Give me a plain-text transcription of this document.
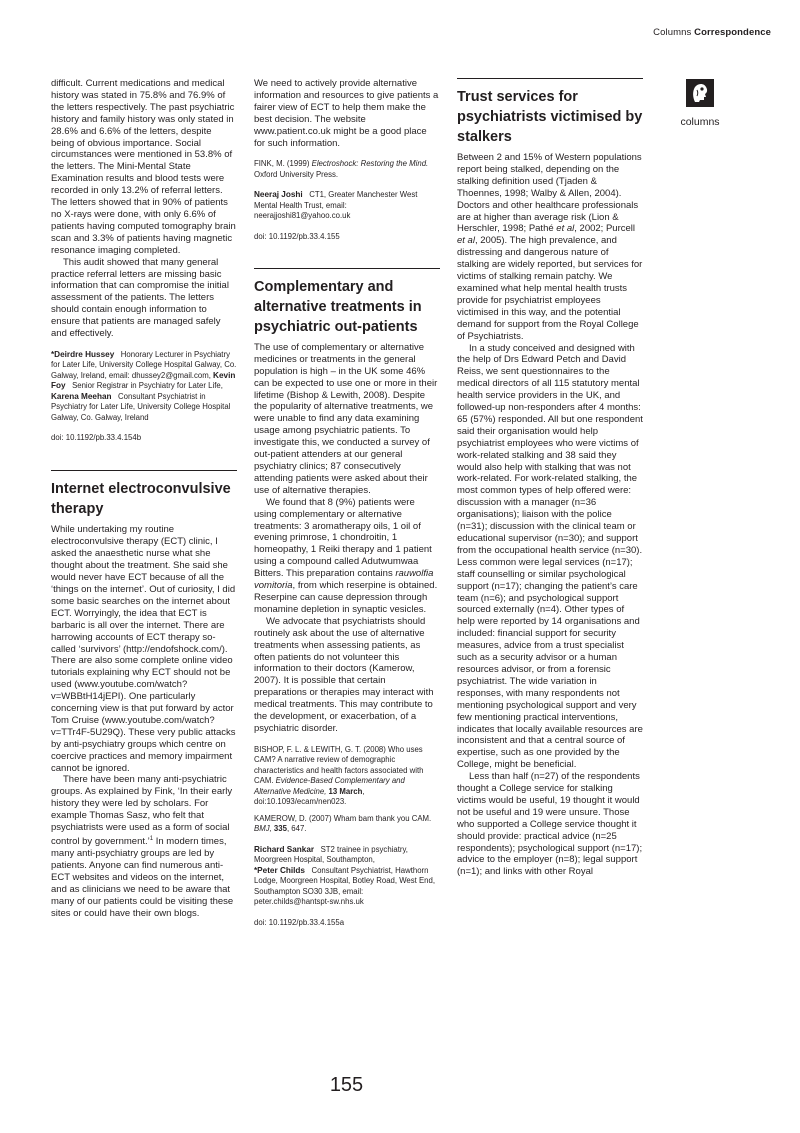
Columns Correspondence

difficult. Current medications and medical history was stated in 75.8% and 76.9% of the letters respectively. The past psychiatric history and family history was only stated in 28.6% and 6.6% of the letters, despite being of obvious importance. Social circumstances were mentioned in 53.8% of the letters. The Mini-Mental State Examination results and blood tests were recorded in only 13.2% of referral letters. The letters showed that in 90% of patients no X-rays were done, with only 6.6% of patients having computed tomography brain scan and 3.3% of patients having magnetic resonance imaging completed.

This audit showed that many general practice referral letters are missing basic information that can compromise the initial assessment of the patients. The letters should contain enough information to ensure that patients are managed safely and effectively.

*Deirdre Hussey Honorary Lecturer in Psychiatry for Later Life, University College Hospital Galway, Co. Galway, Ireland, email: dhussey2@gmail.com, Kevin Foy Senior Registrar in Psychiatry for Later Life,   Karena Meehan Consultant Psychiatrist in Psychiatry for Later Life, University College Hospital Galway, Co. Galway, Ireland

doi: 10.1192/pb.33.4.154b

Internet electroconvulsive therapy

While undertaking my routine electroconvulsive therapy (ECT) clinic, I asked the anaesthetic nurse what she thought about the treatment. She said she would never have ECT because of all the ‘things on the internet’. Out of curiosity, I did some basic searches on the internet about ECT. Worryingly, the idea that ECT is barbaric is all over the internet. There are harrowing accounts of ECT therapy so-called ‘survivors’ (http://endofshock.com/). There are also some complete online video tutorials explaining why ECT should not be used (www.youtube.com/watch?v=WBBtH14jEPI). One particularly concerning view is that put forward by actor Tom Cruise (www.youtube.com/watch?v=TTr4F-5U29Q). These very public attacks by anti-psychiatry groups which centre on coercive practices and memory impairment cannot be ignored.

There have been many anti-psychiatric groups. As explained by Fink, ‘In their early history they were led by scholars. For example Thomas Sasz, who felt that psychiatrists were used as a form of social control by government.’$^1$ In modern times, many anti-psychiatry groups are led by patients. Anyone can find numerous anti-ECT websites and videos on the internet, and as clinicians we need to be aware that many of our patients could be visiting these sites or could have their own blogs.

We need to actively provide alternative information and resources to give patients a fairer view of ECT to help them make the best decision. The website www.patient.co.uk might be a good place for such information.

FINK, M. (1999) Electroshock: Restoring the Mind. Oxford University Press.

Neeraj Joshi CT1, Greater Manchester West Mental Health Trust, email: neerajjoshi81@yahoo.co.uk

doi: 10.1192/pb.33.4.155

Complementary and alternative treatments in psychiatric out-patients

The use of complementary or alternative medicines or treatments in the general population is high – in the UK some 46% can be expected to use one or more in their lifetime (Bishop & Lewith, 2008). Despite the popularity of alternative treatments, we were unable to find any data examining usage among psychiatric patients. To investigate this, we conducted a survey of out-patient attenders at our general psychiatry clinics; 87 consecutively attending patients were asked about their use of alternative therapies.

We found that 8 (9%) patients were using complementary or alternative treatments: 3 aromatherapy oils, 1 oil of evening primrose, 1 chondroitin, 1 homeopathy, 1 Reiki therapy and 1 patient using a compound called Adutwumwaa Bitters. This preparation contains rauwolfia vomitoria, from which reserpine is obtained. Reserpine can cause depression through monamine depletion in synaptic vesicles.

We advocate that psychiatrists should routinely ask about the use of alternative treatments when assessing patients, as often patients do not volunteer this information to their doctors (Kamerow, 2007). It is possible that certain preparations or therapies may interact with medical treatments. This may contribute to the development, or exacerbation, of a psychiatric disorder.

BISHOP, F. L. & LEWITH, G. T. (2008) Who uses CAM? A narrative review of demographic characteristics and health factors associated with CAM. Evidence-Based Complementary and Alternative Medicine, 13 March, doi:10.1093/ecam/nen023.

KAMEROW, D. (2007) Wham bam thank you CAM. BMJ, 335, 647.

Richard Sankar ST2 trainee in psychiatry, Moorgreen Hospital, Southampton,
*Peter Childs Consultant Psychiatrist, Hawthorn Lodge, Moorgreen Hospital, Botley Road, West End, Southampton SO30 3JB, email: peter.childs@hantspt-sw.nhs.uk

doi: 10.1192/pb.33.4.155a

Trust services for psychiatrists victimised by stalkers

Between 2 and 15% of Western populations report being stalked, depending on the stalking definition used (Tjaden & Thoennes, 1998; Walby & Allen, 2004). Doctors and other healthcare professionals are at higher than average risk (Lion & Herschler, 1998; Pathé et al, 2002; Purcell et al, 2005). The high prevalence, and distressing and dangerous nature of stalking are widely reported, but services for victims of stalking remain patchy. We examined what help mental health trusts provide for psychiatrist employees victimised in this way, and the potential demand for support from the Royal College of Psychiatrists.

In a study conceived and designed with the help of Drs Edward Petch and David Reiss, we sent questionnaires to the medical directors of all 115 statutory mental health service providers in the UK, and followed-up non-responders after 4 months: 65 (57%) responded. All but one respondent said their organisation would help psychiatrist employees who were victims of work-related stalking and 38 said they would also help with stalking that was not work-related. For work-related stalking, the most common types of help offered were: discussion with a manager (n=36 organisations); liaison with the police (n=31); discussion with the clinical team or educational supervisor (n=30); and support from the occupational health service (n=30). Less common were legal services (n=17); staff counselling or similar psychological support (n=17); changing the patient’s care team (n=6); and psychological support sourced externally (n=4). Other types of help were reported by 14 organisations and included: financial support for security measures, advice from a trust specialist such as a security advisor or a human resources advisor, or from a forensic psychiatrist. The wide variation in responses, with many respondents not mentioning psychological support and very few mentioning practical interventions, indicates that locally available resources are inconsistent and that a central source of expertise, such as one provided by the College, might be beneficial.

Less than half (n=27) of the respondents thought a College service for stalking victims would be useful, 19 thought it would not be useful and 19 were unsure. Those who supported a College service thought it should provide: practical advice (n=25 respondents); psychological support (n=17); advice to the employer (n=8); legal support (n=1); and links with other Royal

columns
155
